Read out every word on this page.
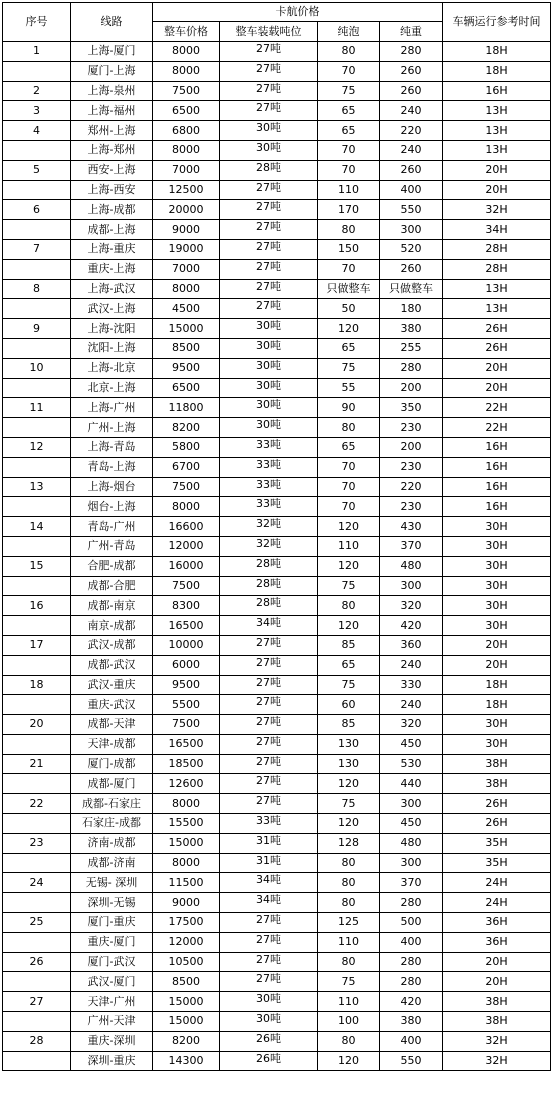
序号	线路	卡航价格				车辆运行参考时间
		整车价格	整车装载吨位	纯泡	纯重	
1	上海-厦门	8000	27吨	80	280	18H
	厦门-上海	8000	27吨	70	260	18H
2	上海-泉州	7500	27吨	75	260	16H
3	上海-福州	6500	27吨	65	240	13H
4	郑州-上海	6800	30吨	65	220	13H
	上海-郑州	8000	30吨	70	240	13H
5	西安-上海	7000	28吨	70	260	20H
	上海-西安	12500	27吨	110	400	20H
6	上海-成都	20000	27吨	170	550	32H
	成都-上海	9000	27吨	80	300	34H
7	上海-重庆	19000	27吨	150	520	28H
	重庆-上海	7000	27吨	70	260	28H
8	上海-武汉	8000	27吨	只做整车	只做整车	13H
	武汉-上海	4500	27吨	50	180	13H
9	上海-沈阳	15000	30吨	120	380	26H
	沈阳-上海	8500	30吨	65	255	26H
10	上海-北京	9500	30吨	75	280	20H
	北京-上海	6500	30吨	55	200	20H
11	上海-广州	11800	30吨	90	350	22H
	广州-上海	8200	30吨	80	230	22H
12	上海-青岛	5800	33吨	65	200	16H
	青岛-上海	6700	33吨	70	230	16H
13	上海-烟台	7500	33吨	70	220	16H
	烟台-上海	8000	33吨	70	230	16H
14	青岛-广州	16600	32吨	120	430	30H
	广州-青岛	12000	32吨	110	370	30H
15	合肥-成都	16000	28吨	120	480	30H
	成都-合肥	7500	28吨	75	300	30H
16	成都-南京	8300	28吨	80	320	30H
	南京-成都	16500	34吨	120	420	30H
17	武汉-成都	10000	27吨	85	360	20H
	成都-武汉	6000	27吨	65	240	20H
18	武汉-重庆	9500	27吨	75	330	18H
	重庆-武汉	5500	27吨	60	240	18H
20	成都-天津	7500	27吨	85	320	30H
	天津-成都	16500	27吨	130	450	30H
21	厦门-成都	18500	27吨	130	530	38H
	成都-厦门	12600	27吨	120	440	38H
22	成都-石家庄	8000	27吨	75	300	26H
	石家庄-成都	15500	33吨	120	450	26H
23	济南-成都	15000	31吨	128	480	35H
	成都-济南	8000	31吨	80	300	35H
24	无锡- 深圳	11500	34吨	80	370	24H
	深圳-无锡	9000	34吨	80	280	24H
25	厦门-重庆	17500	27吨	125	500	36H
	重庆-厦门	12000	27吨	110	400	36H
26	厦门-武汉	10500	27吨	80	280	20H
	武汉-厦门	8500	27吨	75	280	20H
27	天津-广州	15000	30吨	110	420	38H
	广州-天津	15000	30吨	100	380	38H
28	重庆-深圳	8200	26吨	80	400	32H
	深圳-重庆	14300	26吨	120	550	32H
